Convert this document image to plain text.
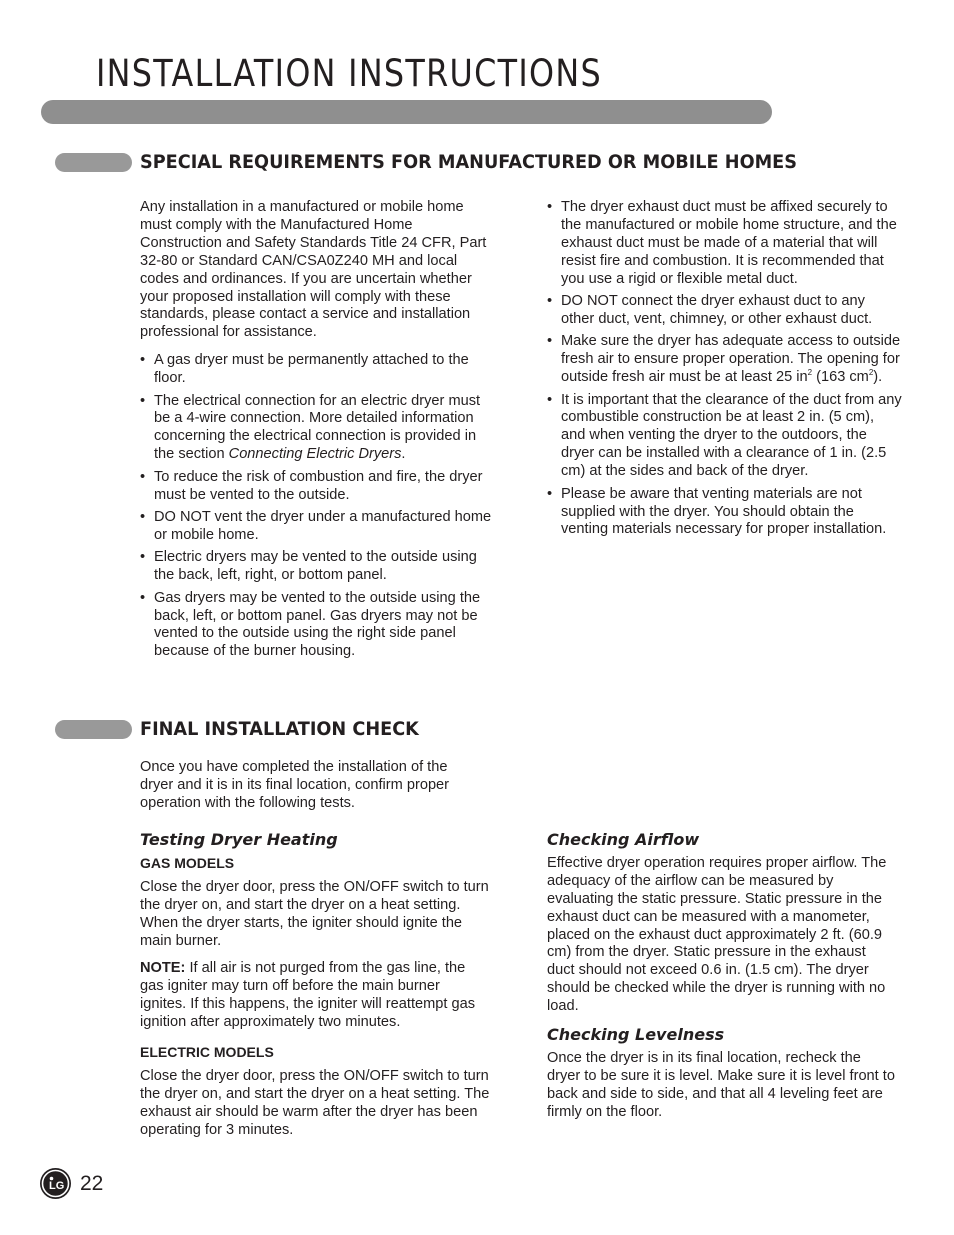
INSTALLATION INSTRUCTIONS
SPECIAL REQUIREMENTS FOR MANUFACTURED OR MOBILE HOMES

Any installation in a manufactured or mobile home must comply with the Manufactured Home Construction and Safety Standards Title 24 CFR, Part 32-80 or Standard CAN/CSA0Z240 MH and local codes and ordinances. If you are uncertain whether your proposed installation will comply with these standards, please contact a service and installation professional for assistance.

• A gas dryer must be permanently attached to the floor.
• The electrical connection for an electric dryer must be a 4-wire connection. More detailed information concerning the electrical connection is provided in the section Connecting Electric Dryers.
• To reduce the risk of combustion and fire, the dryer must be vented to the outside.
• DO NOT vent the dryer under a manufactured home or mobile home.
• Electric dryers may be vented to the outside using the back, left, right, or bottom panel.
• Gas dryers may be vented to the outside using the back, left, or bottom panel. Gas dryers may not be vented to the outside using the right side panel because of the burner housing.
• The dryer exhaust duct must be affixed securely to the manufactured or mobile home structure, and the exhaust duct must be made of a material that will resist fire and combustion. It is recommended that you use a rigid or flexible metal duct.
• DO NOT connect the dryer exhaust duct to any other duct, vent, chimney, or other exhaust duct.
• Make sure the dryer has adequate access to outside fresh air to ensure proper operation. The opening for outside fresh air must be at least 25 $in^2$ (163 $cm^2$).
• It is important that the clearance of the duct from any combustible construction be at least 2 in. (5 cm), and when venting the dryer to the outdoors, the dryer can be installed with a clearance of 1 in. (2.5 cm) at the sides and back of the dryer.
• Please be aware that venting materials are not supplied with the dryer. You should obtain the venting materials necessary for proper installation.
FINAL INSTALLATION CHECK

Once you have completed the installation of the dryer and it is in its final location, confirm proper operation with the following tests.

Testing Dryer Heating
GAS MODELS

Close the dryer door, press the ON/OFF switch to turn the dryer on, and start the dryer on a heat setting. When the dryer starts, the igniter should ignite the main burner.

NOTE: If all air is not purged from the gas line, the gas igniter may turn off before the main burner ignites. If this happens, the igniter will reattempt gas ignition after approximately two minutes.

ELECTRIC MODELS

Close the dryer door, press the ON/OFF switch to turn the dryer on, and start the dryer on a heat setting. The exhaust air should be warm after the dryer has been operating for 3 minutes.

Checking Airflow

Effective dryer operation requires proper airflow. The adequacy of the airflow can be measured by evaluating the static pressure. Static pressure in the exhaust duct can be measured with a manometer, placed on the exhaust duct approximately 2 ft. (60.9 cm) from the dryer. Static pressure in the exhaust duct should not exceed 0.6 in. (1.5 cm). The dryer should be checked while the dryer is running with no load.

Checking Levelness

Once the dryer is in its final location, recheck the dryer to be sure it is level. Make sure it is level front to back and side to side, and that all 4 leveling feet are firmly on the floor.

LG 22
